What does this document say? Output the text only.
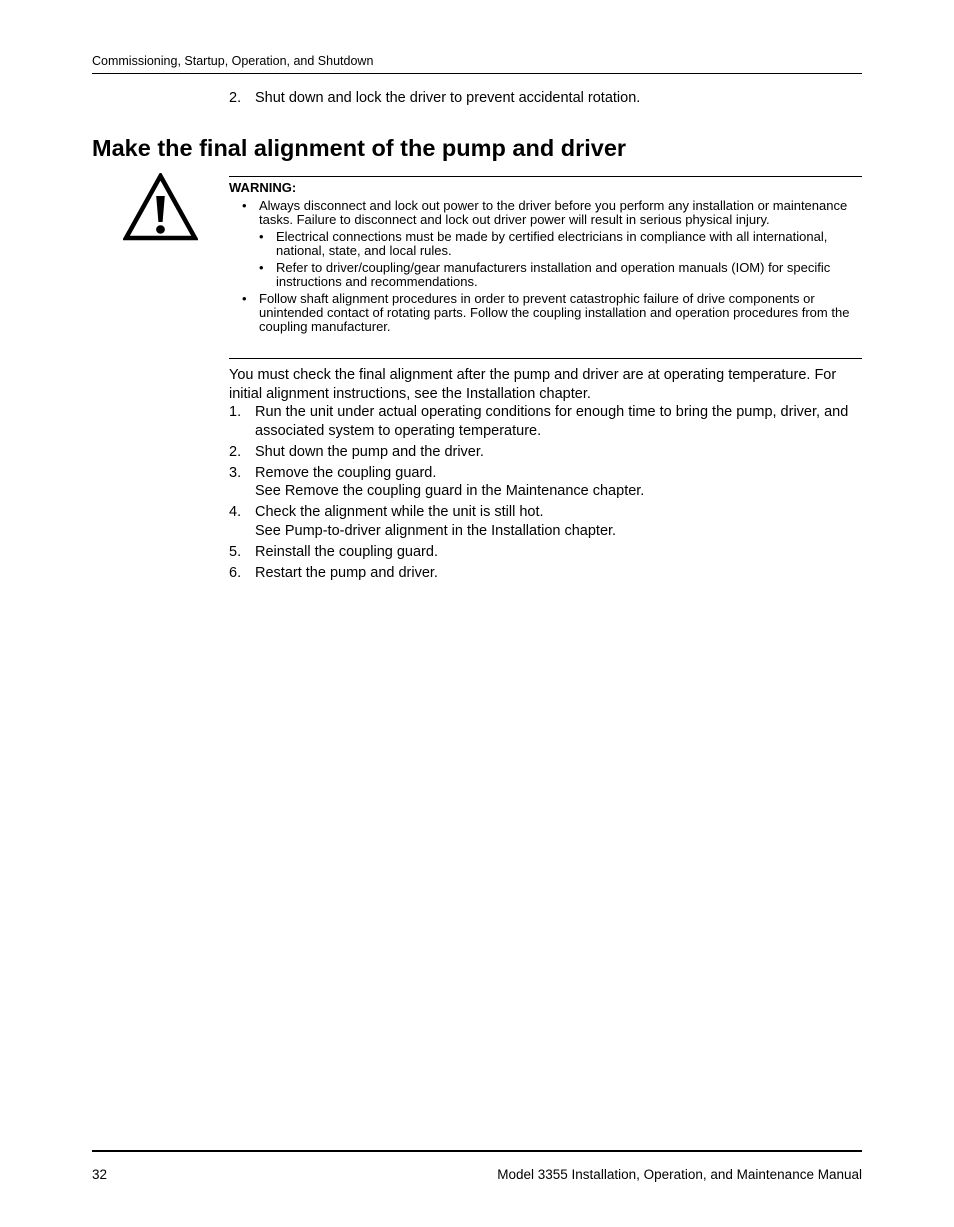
Commissioning, Startup, Operation, and Shutdown
2. Shut down and lock the driver to prevent accidental rotation.
Make the final alignment of the pump and driver
WARNING:
• Always disconnect and lock out power to the driver before you perform any installation or maintenance tasks. Failure to disconnect and lock out driver power will result in serious physical injury.
• Electrical connections must be made by certified electricians in compliance with all international, national, state, and local rules.
• Refer to driver/coupling/gear manufacturers installation and operation manuals (IOM) for specific instructions and recommendations.
• Follow shaft alignment procedures in order to prevent catastrophic failure of drive components or unintended contact of rotating parts. Follow the coupling installation and operation procedures from the coupling manufacturer.

You must check the final alignment after the pump and driver are at operating temperature. For initial alignment instructions, see the Installation chapter.

1. Run the unit under actual operating conditions for enough time to bring the pump, driver, and associated system to operating temperature.
2. Shut down the pump and the driver.
3. Remove the coupling guard.
See Remove the coupling guard in the Maintenance chapter.
4. Check the alignment while the unit is still hot.
See Pump-to-driver alignment in the Installation chapter.
5. Reinstall the coupling guard.
6. Restart the pump and driver.
32	Model 3355 Installation, Operation, and Maintenance Manual
